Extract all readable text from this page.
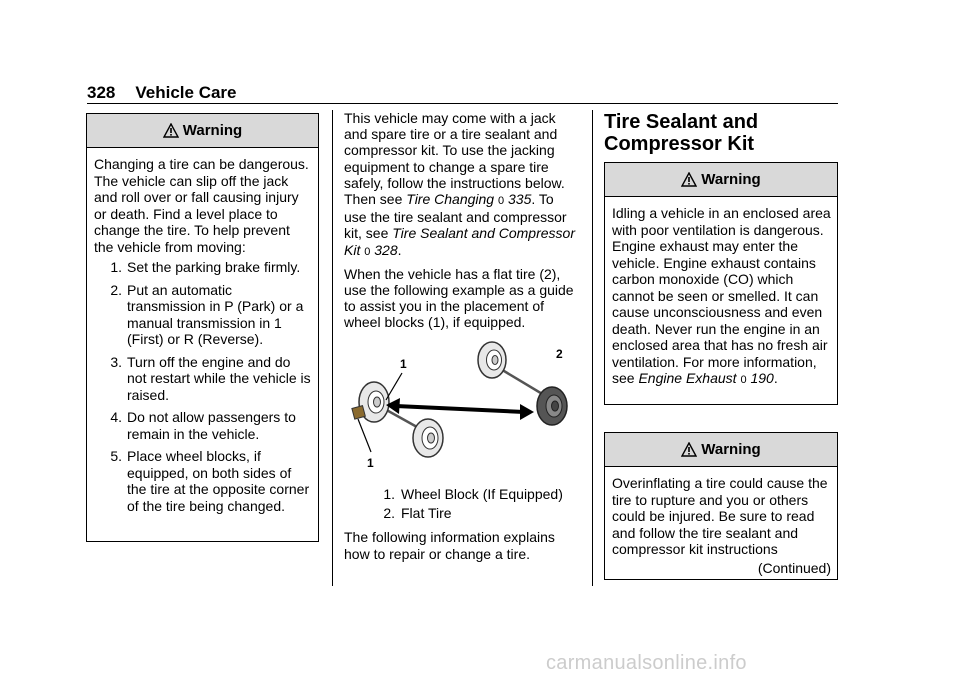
328 Vehicle Care
Warning

Changing a tire can be dangerous. The vehicle can slip off the jack and roll over or fall causing injury or death. Find a level place to change the tire. To help prevent the vehicle from moving:

1. Set the parking brake firmly.
2. Put an automatic transmission in P (Park) or a manual transmission in 1 (First) or R (Reverse).
3. Turn off the engine and do not restart while the vehicle is raised.
4. Do not allow passengers to remain in the vehicle.
5. Place wheel blocks, if equipped, on both sides of the tire at the opposite corner of the tire being changed.

This vehicle may come with a jack and spare tire or a tire sealant and compressor kit. To use the jacking equipment to change a spare tire safely, follow the instructions below. Then see Tire Changing 0 335. To use the tire sealant and compressor kit, see Tire Sealant and Compressor Kit 0 328.

When the vehicle has a flat tire (2), use the following example as a guide to assist you in the placement of wheel blocks (1), if equipped.

1
1
2
1. Wheel Block (If Equipped)
2. Flat Tire

The following information explains how to repair or change a tire.

Tire Sealant and Compressor Kit
Warning

Idling a vehicle in an enclosed area with poor ventilation is dangerous. Engine exhaust may enter the vehicle. Engine exhaust contains carbon monoxide (CO) which cannot be seen or smelled. It can cause unconsciousness and even death. Never run the engine in an enclosed area that has no fresh air ventilation. For more information, see Engine Exhaust 0 190.

Warning

Overinflating a tire could cause the tire to rupture and you or others could be injured. Be sure to read and follow the tire sealant and compressor kit instructions

(Continued)
carmanualsonline.info
